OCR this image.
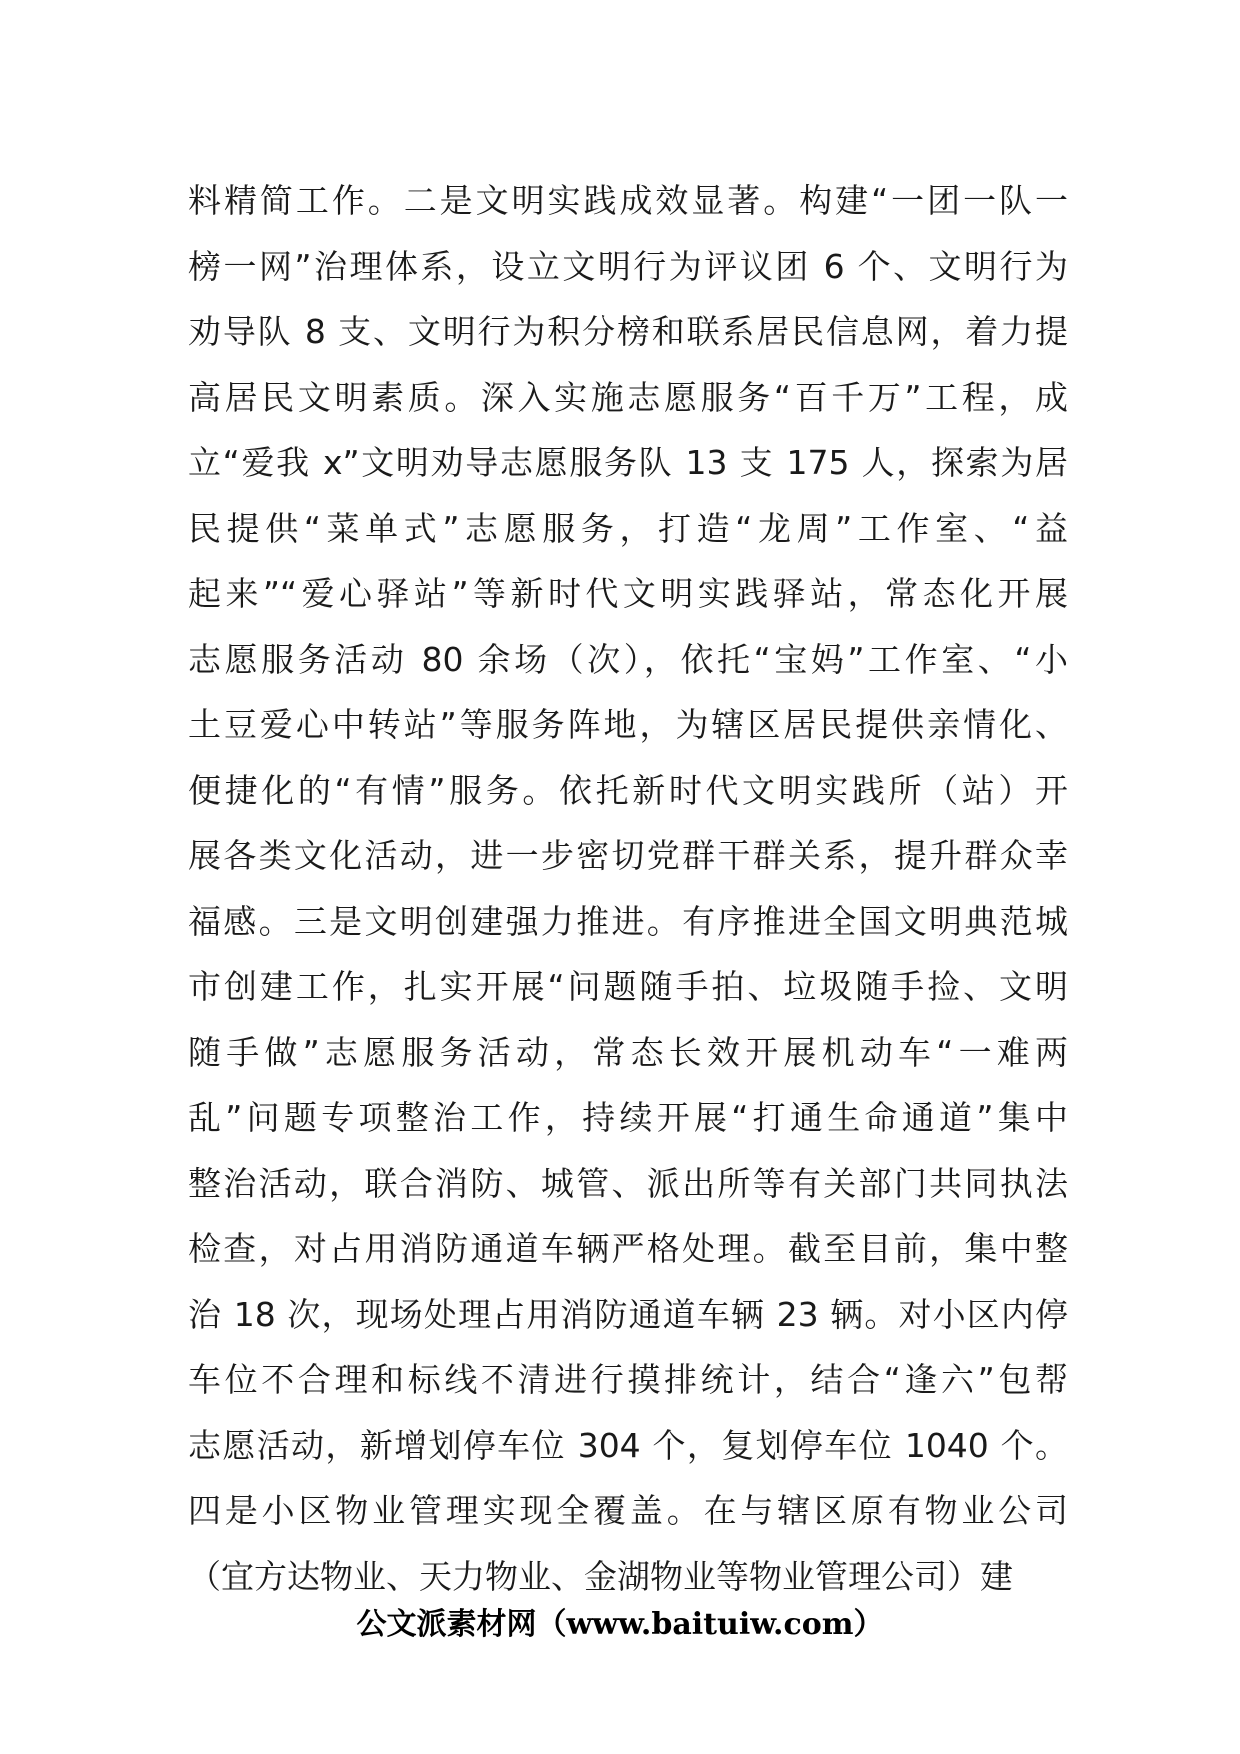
料精简工作。二是文明实践成效显著。构建“一团一队一
榜一网”治理体系，设立文明行为评议团 6 个、文明行为
劝导队 8 支、文明行为积分榜和联系居民信息网，着力提
高居民文明素质。深入实施志愿服务“百千万”工程，成
立“爱我 x”文明劝导志愿服务队 13 支 175 人，探索为居
民提供“菜单式”志愿服务，打造“龙周”工作室、“益
起来”“爱心驿站”等新时代文明实践驿站，常态化开展
志愿服务活动 80 余场（次），依托“宝妈”工作室、“小
土豆爱心中转站”等服务阵地，为辖区居民提供亲情化、
便捷化的“有情”服务。依托新时代文明实践所（站）开
展各类文化活动，进一步密切党群干群关系，提升群众幸
福感。三是文明创建强力推进。有序推进全国文明典范城
市创建工作，扎实开展“问题随手拍、垃圾随手捡、文明
随手做”志愿服务活动，常态长效开展机动车“一难两
乱”问题专项整治工作，持续开展“打通生命通道”集中
整治活动，联合消防、城管、派出所等有关部门共同执法
检查，对占用消防通道车辆严格处理。截至目前，集中整
治 18 次，现场处理占用消防通道车辆 23 辆。对小区内停
车位不合理和标线不清进行摸排统计，结合“逢六”包帮
志愿活动，新增划停车位 304 个，复划停车位 1040 个。
四是小区物业管理实现全覆盖。在与辖区原有物业公司
（宜方达物业、天力物业、金湖物业等物业管理公司）建
公文派素材网（www.baituiw.com）
